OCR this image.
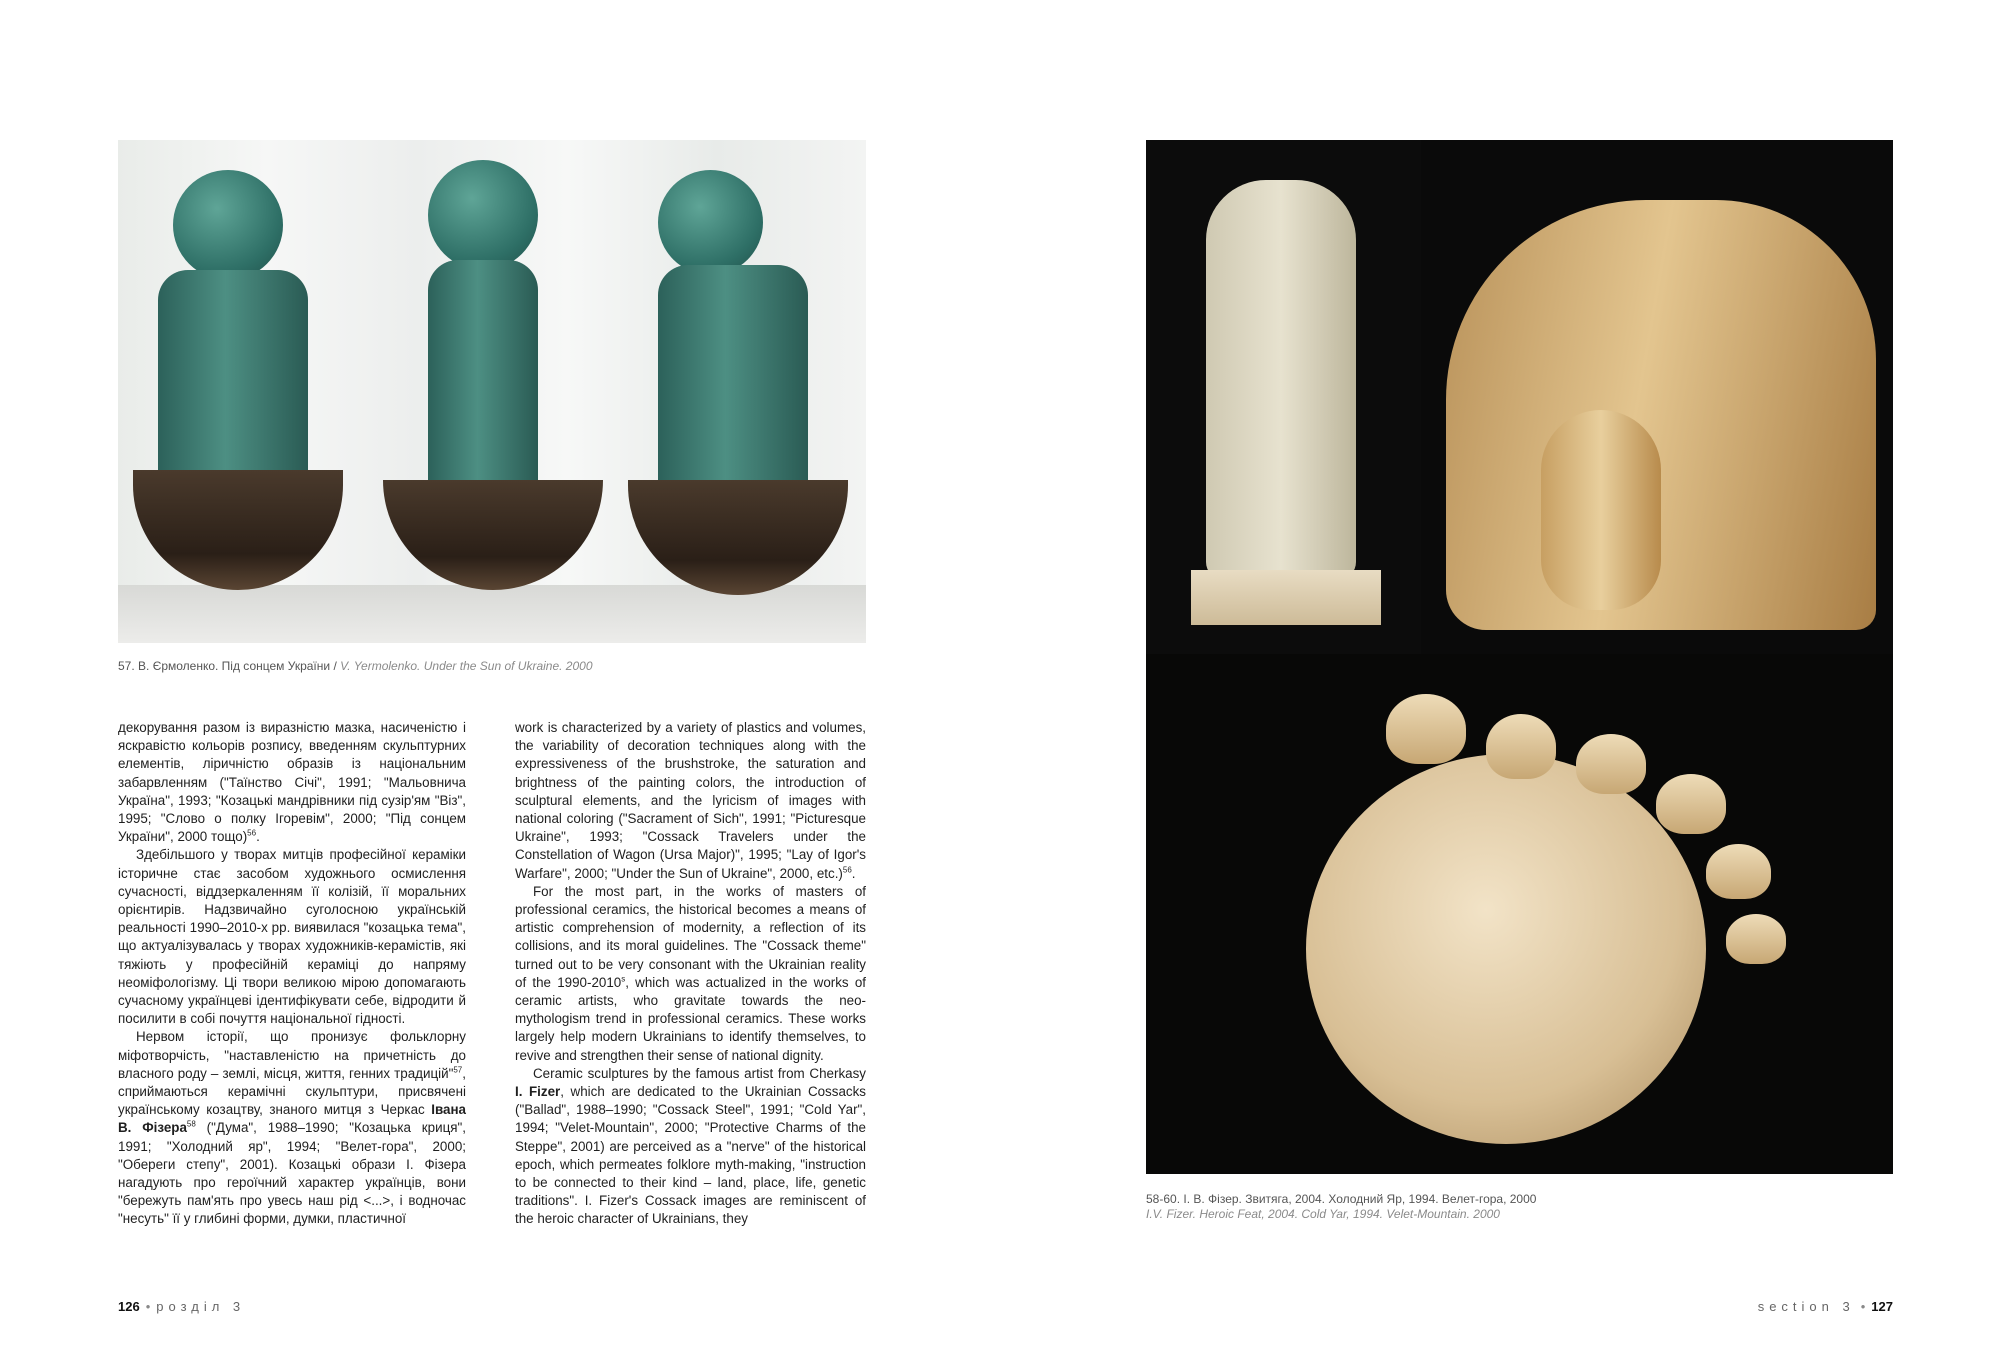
57. В. Єрмоленко. Під сонцем України / V. Yermolenko. Under the Sun of Ukraine. 2000

декорування разом із виразністю мазка, насиченістю і яскравістю кольорів розпису, введенням скульптурних елементів, ліричністю образів із національним забарвленням ("Таїнство Січі", 1991; "Мальовнича Україна", 1993; "Козацькі мандрівники під сузір'ям "Віз", 1995; "Слово о полку Ігоревім", 2000; "Під сонцем України", 2000 тощо)$^{56}$.

Здебільшого у творах митців професійної кераміки історичне стає засобом художнього осмислення сучасності, віддзеркаленням її колізій, її моральних орієнтирів. Надзвичайно суголосною українській реальності 1990–2010-х рр. виявилася "козацька тема", що актуалізувалась у творах художників-керамістів, які тяжіють у професійній кераміці до напряму неоміфологізму. Ці твори великою мірою допомагають сучасному українцеві ідентифікувати себе, відродити й посилити в собі почуття національної гідності.

Нервом історії, що пронизує фольклорну міфотворчість, "наставленістю на причетність до власного роду – землі, місця, життя, генних традицій"$^{57}$, сприймаються керамічні скульптури, присвячені українському козацтву, знаного митця з Черкас Івана В. Фізера$^{58}$ ("Дума", 1988–1990; "Козацька криця", 1991; "Холодний яр", 1994; "Велет-гора", 2000; "Обереги степу", 2001). Козацькі образи І. Фізера нагадують про героїчний характер українців, вони "бережуть пам'ять про увесь наш рід <...>, і водночас "несуть" її у глибині форми, думки, пластичної

work is characterized by a variety of plastics and volumes, the variability of decoration techniques along with the expressiveness of the brushstroke, the saturation and brightness of the painting colors, the introduction of sculptural elements, and the lyricism of images with national coloring ("Sacrament of Sich", 1991; "Picturesque Ukraine", 1993; "Cossack Travelers under the Constellation of Wagon (Ursa Major)", 1995; "Lay of Igor's Warfare", 2000; "Under the Sun of Ukraine", 2000, etc.)$^{56}$.

For the most part, in the works of masters of professional ceramics, the historical becomes a means of artistic comprehension of modernity, a reflection of its collisions, and its moral guidelines. The "Cossack theme" turned out to be very consonant with the Ukrainian reality of the 1990-2010$^s$, which was actualized in the works of ceramic artists, who gravitate towards the neo-mythologism trend in professional ceramics. These works largely help modern Ukrainians to identify themselves, to revive and strengthen their sense of national dignity.

Ceramic sculptures by the famous artist from Cherkasy I. Fizer, which are dedicated to the Ukrainian Cossacks ("Ballad", 1988–1990; "Cossack Steel", 1991; "Cold Yar", 1994; "Velet-Mountain", 2000; "Protective Charms of the Steppe", 2001) are perceived as a "nerve" of the historical epoch, which permeates folklore myth-making, "instruction to be connected to their kind – land, place, life, genetic traditions". I. Fizer's Cossack images are reminiscent of the heroic character of Ukrainians, they

126 • розділ 3
58-60. І. В. Фізер. Звитяга, 2004. Холодний Яр, 1994. Велет-гора, 2000
I.V. Fizer. Heroic Feat, 2004. Cold Yar, 1994. Velet-Mountain. 2000
section 3 • 127
